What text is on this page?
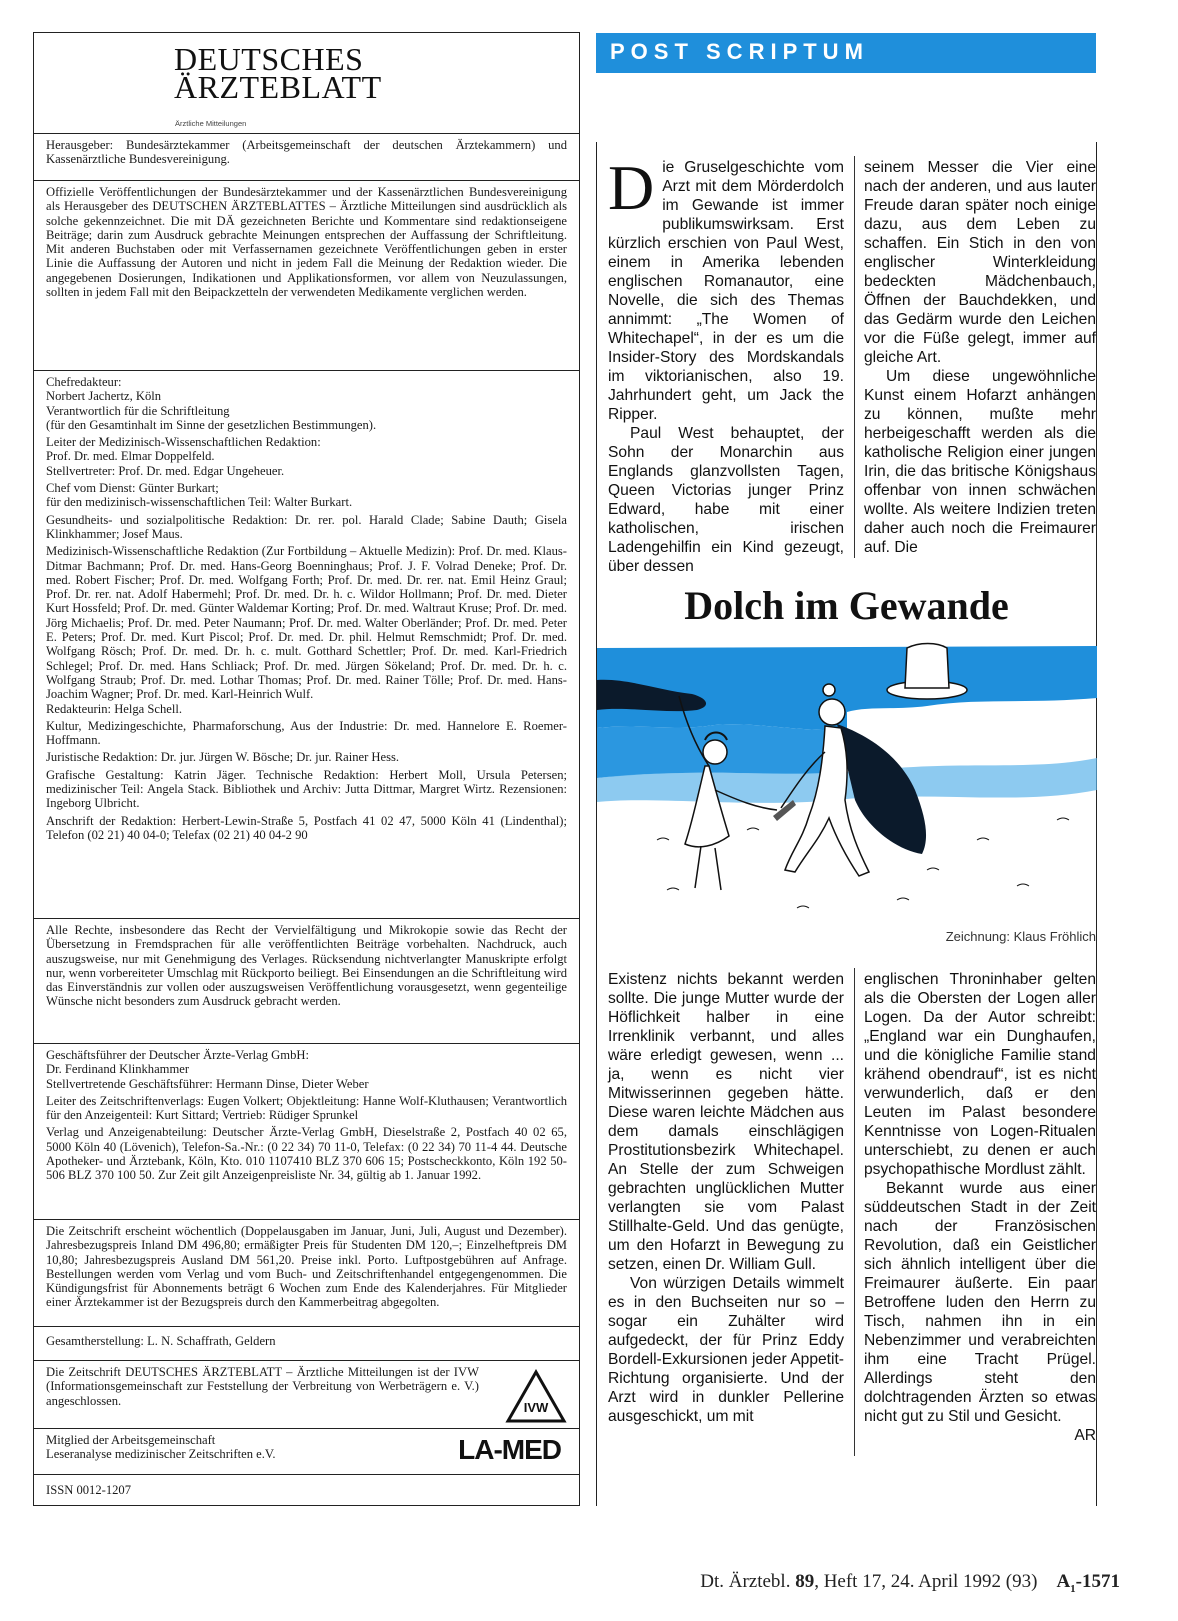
DEUTSCHES
ÄRZTEBLATT
Ärztliche Mitteilungen

Herausgeber: Bundesärztekammer (Arbeitsgemeinschaft der deutschen Ärztekammern) und Kassenärztliche Bundesvereinigung.

Offizielle Veröffentlichungen der Bundesärztekammer und der Kassenärztlichen Bundesvereinigung als Herausgeber des DEUTSCHEN ÄRZTEBLATTES – Ärztliche Mitteilungen sind ausdrücklich als solche gekennzeichnet. Die mit DÄ gezeichneten Berichte und Kommentare sind redaktionseigene Beiträge; darin zum Ausdruck gebrachte Meinungen entsprechen der Auffassung der Schriftleitung. Mit anderen Buchstaben oder mit Verfassernamen gezeichnete Veröffentlichungen geben in erster Linie die Auffassung der Autoren und nicht in jedem Fall die Meinung der Redaktion wieder. Die angegebenen Dosierungen, Indikationen und Applikationsformen, vor allem von Neuzulassungen, sollten in jedem Fall mit den Beipackzetteln der verwendeten Medikamente verglichen werden.

Chefredakteur:
Norbert Jachertz, Köln
Verantwortlich für die Schriftleitung
(für den Gesamtinhalt im Sinne der gesetzlichen Bestimmungen).

Leiter der Medizinisch-Wissenschaftlichen Redaktion:
Prof. Dr. med. Elmar Doppelfeld.
Stellvertreter: Prof. Dr. med. Edgar Ungeheuer.

Chef vom Dienst: Günter Burkart;
für den medizinisch-wissenschaftlichen Teil: Walter Burkart.

Gesundheits- und sozialpolitische Redaktion: Dr. rer. pol. Harald Clade; Sabine Dauth; Gisela Klinkhammer; Josef Maus.

Medizinisch-Wissenschaftliche Redaktion (Zur Fortbildung – Aktuelle Medizin): Prof. Dr. med. Klaus-Ditmar Bachmann; Prof. Dr. med. Hans-Georg Boenninghaus; Prof. J. F. Volrad Deneke; Prof. Dr. med. Robert Fischer; Prof. Dr. med. Wolfgang Forth; Prof. Dr. med. Dr. rer. nat. Emil Heinz Graul; Prof. Dr. rer. nat. Adolf Habermehl; Prof. Dr. med. Dr. h. c. Wildor Hollmann; Prof. Dr. med. Dieter Kurt Hossfeld; Prof. Dr. med. Günter Waldemar Korting; Prof. Dr. med. Waltraut Kruse; Prof. Dr. med. Jörg Michaelis; Prof. Dr. med. Peter Naumann; Prof. Dr. med. Walter Oberländer; Prof. Dr. med. Peter E. Peters; Prof. Dr. med. Kurt Piscol; Prof. Dr. med. Dr. phil. Helmut Remschmidt; Prof. Dr. med. Wolfgang Rösch; Prof. Dr. med. Dr. h. c. mult. Gotthard Schettler; Prof. Dr. med. Karl-Friedrich Schlegel; Prof. Dr. med. Hans Schliack; Prof. Dr. med. Jürgen Sökeland; Prof. Dr. med. Dr. h. c. Wolfgang Straub; Prof. Dr. med. Lothar Thomas; Prof. Dr. med. Rainer Tölle; Prof. Dr. med. Hans-Joachim Wagner; Prof. Dr. med. Karl-Heinrich Wulf.

Redakteurin: Helga Schell.

Kultur, Medizingeschichte, Pharmaforschung, Aus der Industrie: Dr. med. Hannelore E. Roemer-Hoffmann.

Juristische Redaktion: Dr. jur. Jürgen W. Bösche; Dr. jur. Rainer Hess.

Grafische Gestaltung: Katrin Jäger. Technische Redaktion: Herbert Moll, Ursula Petersen; medizinischer Teil: Angela Stack. Bibliothek und Archiv: Jutta Dittmar, Margret Wirtz. Rezensionen: Ingeborg Ulbricht.

Anschrift der Redaktion: Herbert-Lewin-Straße 5, Postfach 41 02 47, 5000 Köln 41 (Lindenthal); Telefon (02 21) 40 04-0; Telefax (02 21) 40 04-2 90

Alle Rechte, insbesondere das Recht der Vervielfältigung und Mikrokopie sowie das Recht der Übersetzung in Fremdsprachen für alle veröffentlichten Beiträge vorbehalten. Nachdruck, auch auszugsweise, nur mit Genehmigung des Verlages. Rücksendung nichtverlangter Manuskripte erfolgt nur, wenn vorbereiteter Umschlag mit Rückporto beiliegt. Bei Einsendungen an die Schriftleitung wird das Einverständnis zur vollen oder auszugsweisen Veröffentlichung vorausgesetzt, wenn gegenteilige Wünsche nicht besonders zum Ausdruck gebracht werden.

Geschäftsführer der Deutscher Ärzte-Verlag GmbH:
Dr. Ferdinand Klinkhammer
Stellvertretende Geschäftsführer: Hermann Dinse, Dieter Weber

Leiter des Zeitschriftenverlags: Eugen Volkert; Objektleitung: Hanne Wolf-Kluthausen; Verantwortlich für den Anzeigenteil: Kurt Sittard; Vertrieb: Rüdiger Sprunkel

Verlag und Anzeigenabteilung: Deutscher Ärzte-Verlag GmbH, Dieselstraße 2, Postfach 40 02 65, 5000 Köln 40 (Lövenich), Telefon-Sa.-Nr.: (0 22 34) 70 11-0, Telefax: (0 22 34) 70 11-4 44. Deutsche Apotheker- und Ärztebank, Köln, Kto. 010 1107410 BLZ 370 606 15; Postscheckkonto, Köln 192 50-506 BLZ 370 100 50. Zur Zeit gilt Anzeigenpreisliste Nr. 34, gültig ab 1. Januar 1992.

Die Zeitschrift erscheint wöchentlich (Doppelausgaben im Januar, Juni, Juli, August und Dezember). Jahresbezugspreis Inland DM 496,80; ermäßigter Preis für Studenten DM 120,–; Einzelheftpreis DM 10,80; Jahresbezugspreis Ausland DM 561,20. Preise inkl. Porto. Luftpostgebühren auf Anfrage. Bestellungen werden vom Verlag und vom Buch- und Zeitschriftenhandel entgegengenommen. Die Kündigungsfrist für Abonnements beträgt 6 Wochen zum Ende des Kalenderjahres. Für Mitglieder einer Ärztekammer ist der Bezugspreis durch den Kammerbeitrag abgegolten.

Gesamtherstellung: L. N. Schaffrath, Geldern

Die Zeitschrift DEUTSCHES ÄRZTEBLATT – Ärztliche Mitteilungen ist der IVW (Informationsgemeinschaft zur Feststellung der Verbreitung von Werbeträgern e. V.) angeschlossen.	IVW

Mitglied der Arbeitsgemeinschaft
Leseranalyse medizinischer Zeitschriften e.V.	LA-MED

ISSN 0012-1207

POST SCRIPTUM

Die Gruselgeschichte vom Arzt mit dem Mörderdolch im Gewande ist immer publikumswirksam. Erst kürzlich erschien von Paul West, einem in Amerika lebenden englischen Romanautor, eine Novelle, die sich des Themas annimmt: „The Women of Whitechapel“, in der es um die Insider-Story des Mordskandals im viktorianischen, also 19. Jahrhundert geht, um Jack the Ripper.

Paul West behauptet, der Sohn der Monarchin aus Englands glanzvollsten Tagen, Queen Victorias junger Prinz Edward, habe mit einer katholischen, irischen Ladengehilfin ein Kind gezeugt, über dessen

seinem Messer die Vier eine nach der anderen, und aus lauter Freude daran später noch einige dazu, aus dem Leben zu schaffen. Ein Stich in den von englischer Winterkleidung bedeckten Mädchenbauch, Öffnen der Bauchdekken, und das Gedärm wurde den Leichen vor die Füße gelegt, immer auf gleiche Art.

Um diese ungewöhnliche Kunst einem Hofarzt anhängen zu können, mußte mehr herbeigeschafft werden als die katholische Religion einer jungen Irin, die das britische Königshaus offenbar von innen schwächen wollte. Als weitere Indizien treten daher auch noch die Freimaurer auf. Die

Dolch im Gewande
Zeichnung: Klaus Fröhlich

Existenz nichts bekannt werden sollte. Die junge Mutter wurde der Höflichkeit halber in eine Irrenklinik verbannt, und alles wäre erledigt gewesen, wenn ... ja, wenn es nicht vier Mitwisserinnen gegeben hätte. Diese waren leichte Mädchen aus dem damals einschlägigen Prostitutionsbezirk Whitechapel. An Stelle der zum Schweigen gebrachten unglücklichen Mutter verlangten sie vom Palast Stillhalte-Geld. Und das genügte, um den Hofarzt in Bewegung zu setzen, einen Dr. William Gull.

Von würzigen Details wimmelt es in den Buchseiten nur so – sogar ein Zuhälter wird aufgedeckt, der für Prinz Eddy Bordell-Exkursionen jeder Appetit-Richtung organisierte. Und der Arzt wird in dunkler Pellerine ausgeschickt, um mit

englischen Throninhaber gelten als die Obersten der Logen aller Logen. Da der Autor schreibt: „England war ein Dunghaufen, und die königliche Familie stand krähend obendrauf“, ist es nicht verwunderlich, daß er den Leuten im Palast besondere Kenntnisse von Logen-Ritualen unterschiebt, zu denen er auch psychopathische Mordlust zählt.

Bekannt wurde aus einer süddeutschen Stadt in der Zeit nach der Französischen Revolution, daß ein Geistlicher sich ähnlich intelligent über die Freimaurer äußerte. Ein paar Betroffene luden den Herrn zu Tisch, nahmen ihn in ein Nebenzimmer und verabreichten ihm eine Tracht Prügel. Allerdings steht den dolchtragenden Ärzten so etwas nicht gut zu Stil und Gesicht.
AR

Dt. Ärztebl. 89, Heft 17, 24. April 1992 (93) $A_1-1571$
